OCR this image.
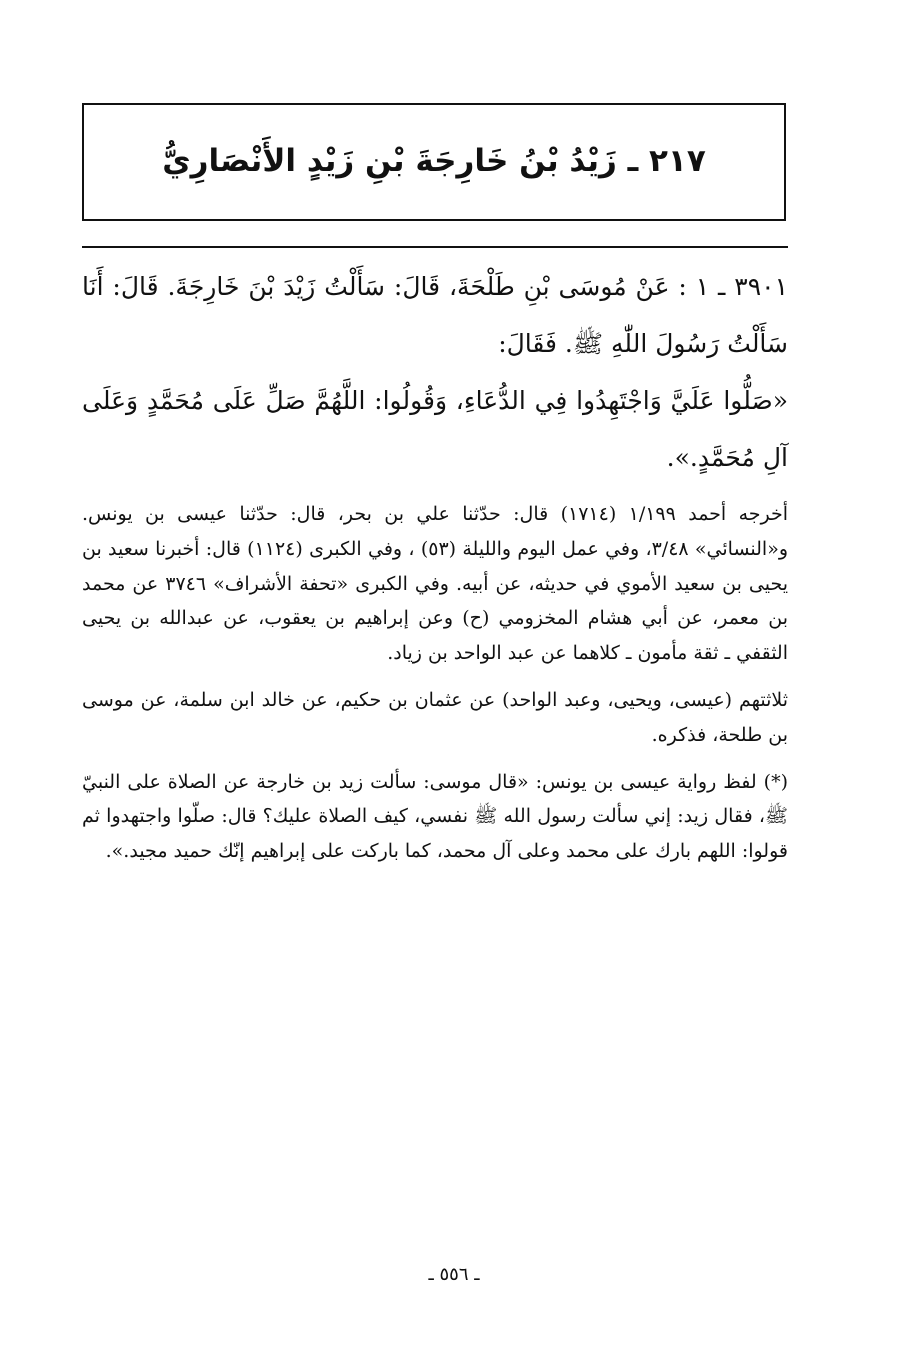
٢١٧ ـ زَيْدُ بْنُ خَارِجَةَ بْنِ زَيْدٍ الأَنْصَارِيُّ

٣٩٠١ ـ ١ : عَنْ مُوسَى بْنِ طَلْحَةَ، قَالَ: سَأَلْتُ زَيْدَ بْنَ خَارِجَةَ. قَالَ: أَنَا سَأَلْتُ رَسُولَ اللّٰهِ ﷺ. فَقَالَ:

«صَلُّوا عَلَيَّ وَاجْتَهِدُوا فِي الدُّعَاءِ، وَقُولُوا: اللَّهُمَّ صَلِّ عَلَى مُحَمَّدٍ وَعَلَى آلِ مُحَمَّدٍ.».

أخرجه أحمد ١/١٩٩ (١٧١٤) قال: حدّثنا علي بن بحر، قال: حدّثنا عيسى بن يونس. و«النسائي» ٣/٤٨، وفي عمل اليوم والليلة (٥٣) ، وفي الكبرى (١١٢٤) قال: أخبرنا سعيد بن يحيى بن سعيد الأموي في حديثه، عن أبيه. وفي الكبرى «تحفة الأشراف» ٣٧٤٦ عن محمد بن معمر، عن أبي هشام المخزومي (ح) وعن إبراهيم بن يعقوب، عن عبدالله بن يحيى الثقفي ـ ثقة مأمون ـ كلاهما عن عبد الواحد بن زياد.

ثلاثتهم (عيسى، ويحيى، وعبد الواحد) عن عثمان بن حكيم، عن خالد ابن سلمة، عن موسى بن طلحة، فذكره.

(*) لفظ رواية عيسى بن يونس: «قال موسى: سألت زيد بن خارجة عن الصلاة على النبيّ ﷺ، فقال زيد: إني سألت رسول الله ﷺ نفسي، كيف الصلاة عليك؟ قال: صلّوا واجتهدوا ثم قولوا: اللهم بارك على محمد وعلى آل محمد، كما باركت على إبراهيم إنّك حميد مجيد.».

ـ ٥٥٦ ـ
